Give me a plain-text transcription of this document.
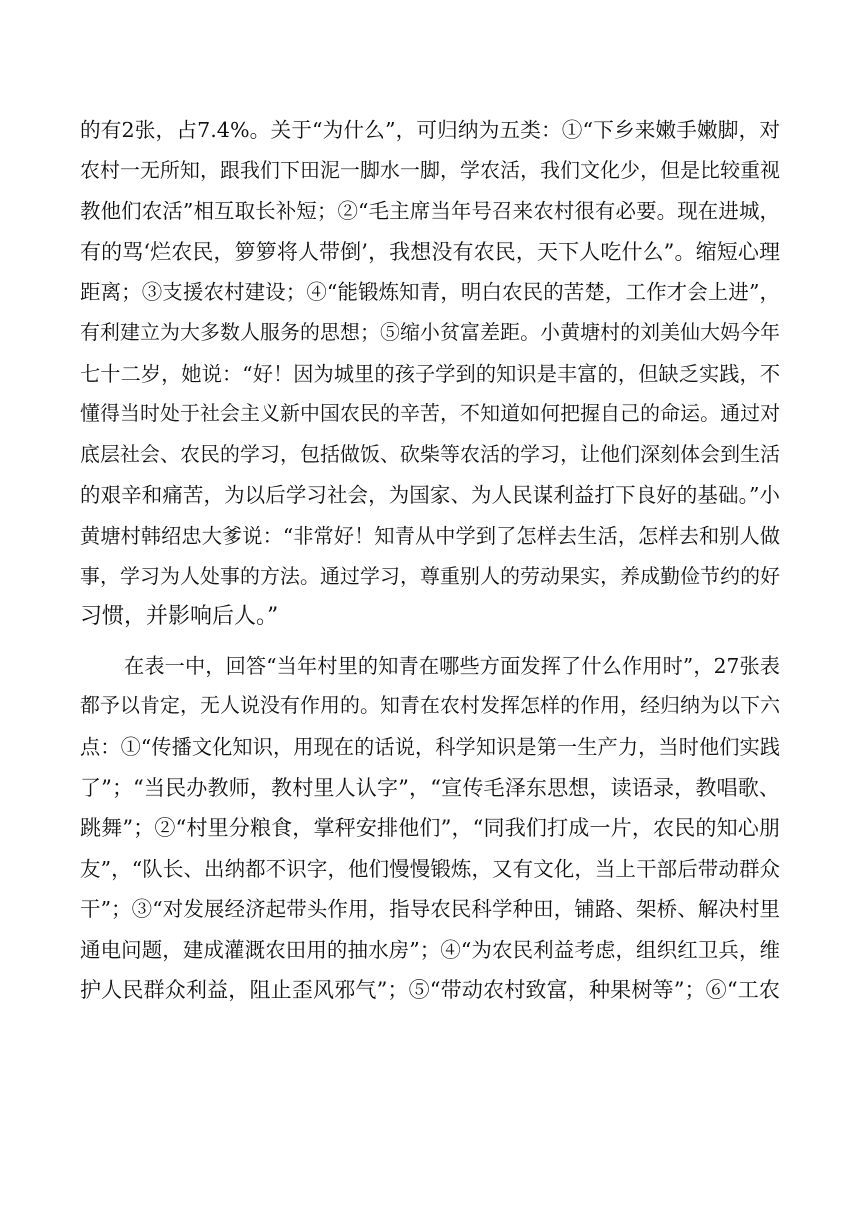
的有2张，占7.4%。关于“为什么”，可归纳为五类：①“下乡来嫩手嫩脚，对
农村一无所知，跟我们下田泥一脚水一脚，学农活，我们文化少，但是比较重视
教他们农活”相互取长补短；②“毛主席当年号召来农村很有必要。现在进城，
有的骂‘烂农民，箩箩将人带倒’，我想没有农民，天下人吃什么”。缩短心理
距离；③支援农村建设；④“能锻炼知青，明白农民的苦楚，工作才会上进”，
有利建立为大多数人服务的思想；⑤缩小贫富差距。小黄塘村的刘美仙大妈今年
七十二岁，她说：“好！因为城里的孩子学到的知识是丰富的，但缺乏实践，不
懂得当时处于社会主义新中国农民的辛苦，不知道如何把握自己的命运。通过对
底层社会、农民的学习，包括做饭、砍柴等农活的学习，让他们深刻体会到生活
的艰辛和痛苦，为以后学习社会，为国家、为人民谋利益打下良好的基础。”小
黄塘村韩绍忠大爹说：“非常好！知青从中学到了怎样去生活，怎样去和别人做
事，学习为人处事的方法。通过学习，尊重别人的劳动果实，养成勤俭节约的好
习惯，并影响后人。”
在表一中，回答“当年村里的知青在哪些方面发挥了什么作用时”，27张表
都予以肯定，无人说没有作用的。知青在农村发挥怎样的作用，经归纳为以下六
点：①“传播文化知识，用现在的话说，科学知识是第一生产力，当时他们实践
了”；“当民办教师，教村里人认字”，“宣传毛泽东思想，读语录，教唱歌、
跳舞”；②“村里分粮食，掌秤安排他们”，“同我们打成一片，农民的知心朋
友”，“队长、出纳都不识字，他们慢慢锻炼，又有文化，当上干部后带动群众
干”；③“对发展经济起带头作用，指导农民科学种田，铺路、架桥、解决村里
通电问题，建成灌溉农田用的抽水房”；④“为农民利益考虑，组织红卫兵，维
护人民群众利益，阻止歪风邪气”；⑤“带动农村致富，种果树等”；⑥“工农
